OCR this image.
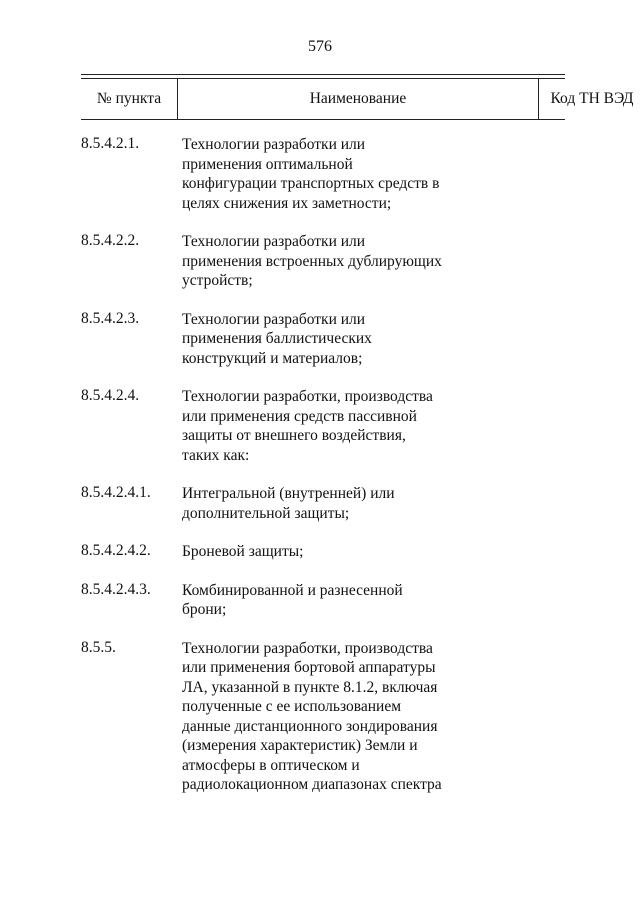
576
№ пункта	Наименование	Код ТН ВЭД
8.5.4.2.1.	Технологии разработки или
применения оптимальной
конфигурации транспортных средств в
целях снижения их заметности;
8.5.4.2.2.	Технологии разработки или
применения встроенных дублирующих
устройств;
8.5.4.2.3.	Технологии разработки или
применения баллистических
конструкций и материалов;
8.5.4.2.4.	Технологии разработки, производства
или применения средств пассивной
защиты от внешнего воздействия,
таких как:
8.5.4.2.4.1.	Интегральной (внутренней) или
дополнительной защиты;
8.5.4.2.4.2.	Броневой защиты;
8.5.4.2.4.3.	Комбинированной и разнесенной
брони;
8.5.5.	Технологии разработки, производства
или применения бортовой аппаратуры
ЛА, указанной в пункте 8.1.2, включая
полученные с ее использованием
данные дистанционного зондирования
(измерения характеристик) Земли и
атмосферы в оптическом и
радиолокационном диапазонах спектра
